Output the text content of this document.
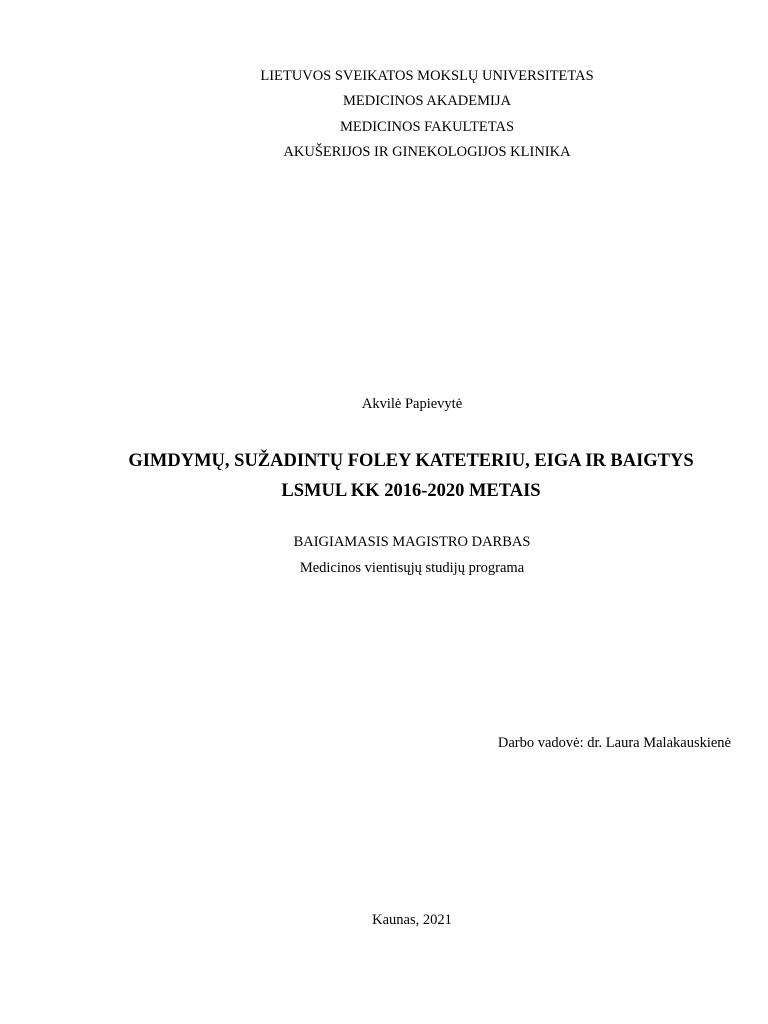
LIETUVOS SVEIKATOS MOKSLŲ UNIVERSITETAS
MEDICINOS AKADEMIJA
MEDICINOS FAKULTETAS
AKUŠERIJOS IR GINEKOLOGIJOS KLINIKA
Akvilė Papievytė
GIMDYMŲ, SUŽADINTŲ FOLEY KATETERIU, EIGA IR BAIGTYS
LSMUL KK 2016-2020 METAIS
BAIGIAMASIS MAGISTRO DARBAS
Medicinos vientisųjų studijų programa
Darbo vadovė: dr. Laura Malakauskienė
Kaunas, 2021
